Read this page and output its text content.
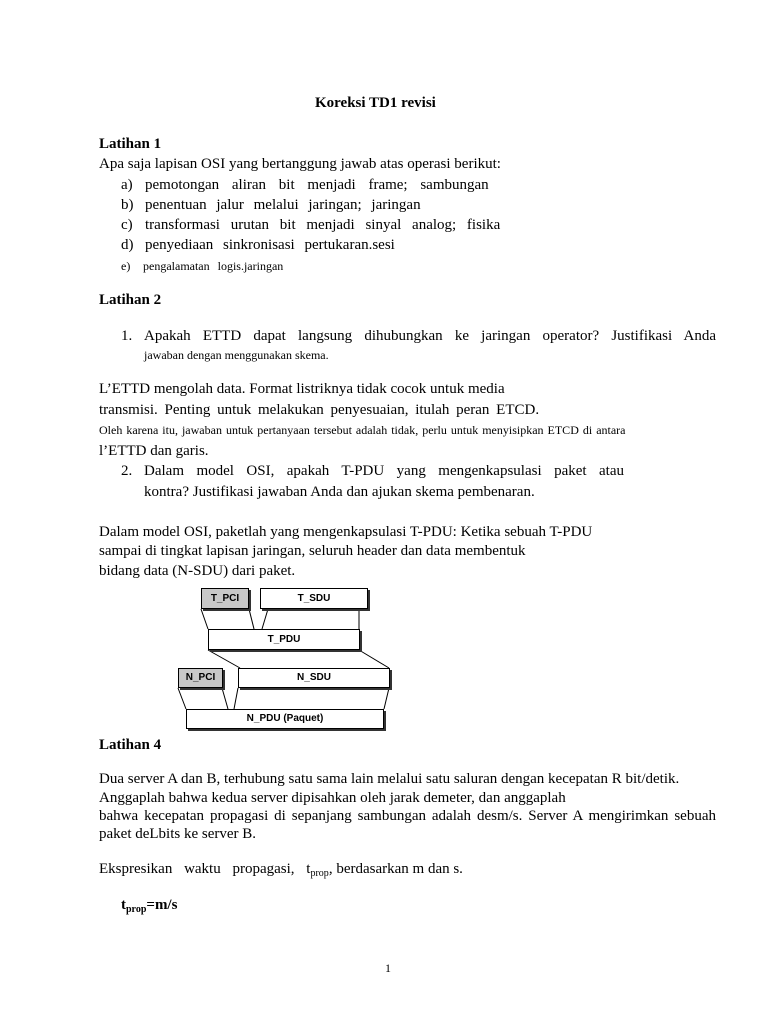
Koreksi TD1 revisi
Latihan 1
Apa saja lapisan OSI yang bertanggung jawab atas operasi berikut:
a) pemotongan aliran bit menjadi frame; sambungan
b) penentuan jalur melalui jaringan; jaringan
c) transformasi urutan bit menjadi sinyal analog; fisika
d) penyediaan sinkronisasi pertukaran.sesi
e) pengalamatan logis.jaringan
Latihan 2
1. Apakah ETTD dapat langsung dihubungkan ke jaringan operator? Justifikasi Anda
jawaban dengan menggunakan skema.
L’ETTD mengolah data. Format listriknya tidak cocok untuk media
transmisi. Penting untuk melakukan penyesuaian, itulah peran ETCD.
Oleh karena itu, jawaban untuk pertanyaan tersebut adalah tidak, perlu untuk menyisipkan ETCD di antara
l’ETTD dan garis.
2. Dalam model OSI, apakah T-PDU yang mengenkapsulasi paket atau
kontra? Justifikasi jawaban Anda dan ajukan skema pembenaran.
Dalam model OSI, paketlah yang mengenkapsulasi T-PDU: Ketika sebuah T-PDU
sampai di tingkat lapisan jaringan, seluruh header dan data membentuk
bidang data (N-SDU) dari paket.
T_PCI	T_SDU
T_PDU
N_PCI	N_SDU
N_PDU (Paquet)
Latihan 4
Dua server A dan B, terhubung satu sama lain melalui satu saluran dengan kecepatan R bit/detik.
Anggaplah bahwa kedua server dipisahkan oleh jarak demeter, dan anggaplah
bahwa kecepatan propagasi di sepanjang sambungan adalah desm/s. Server A mengirimkan sebuah
paket deLbits ke server B.
Ekspresikan waktu propagasi, $t_{prop}$, berdasarkan m dan s.
$t_{prop}=m/s$
1
